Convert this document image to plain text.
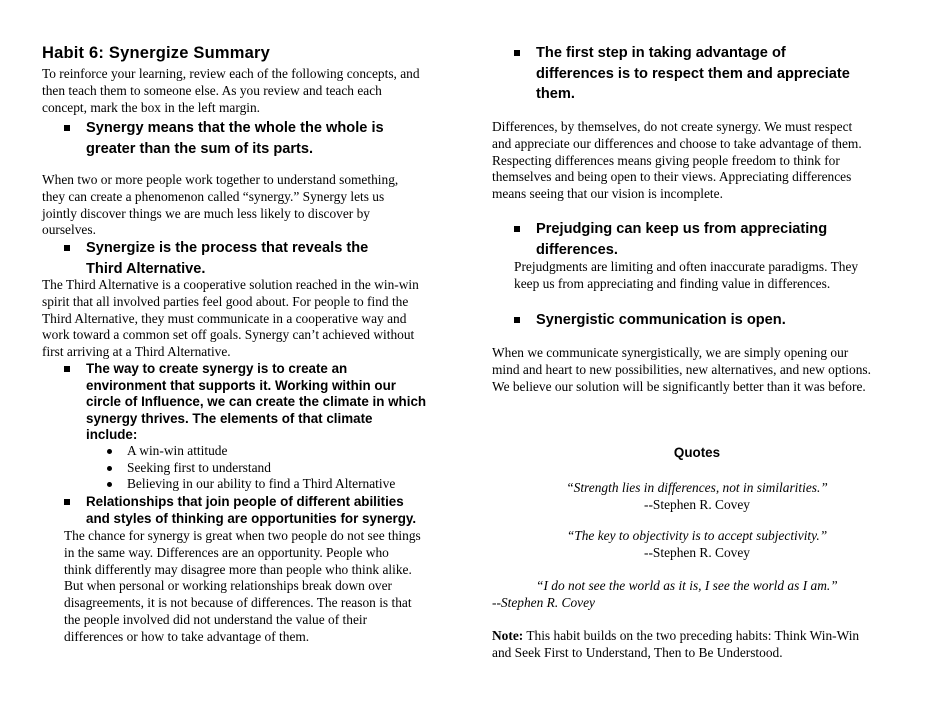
Habit 6: Synergize Summary

To reinforce your learning, review each of the following concepts, and

then teach them to someone else. As you review and teach each

concept, mark the box in the left margin.

Synergy means that the whole the whole is
greater than the sum of its parts.

When two or more people work together to understand something,

they can create a phenomenon called “synergy.” Synergy lets us

jointly discover things we are much less likely to discover by

ourselves.

Synergize is the process that reveals the
Third Alternative.

The Third Alternative is a cooperative solution reached in the win-win

spirit that all involved parties feel good about. For people to find the

Third Alternative, they must communicate in a cooperative way and

work toward a common set off goals. Synergy can’t achieved without

first arriving at a Third Alternative.

The way to create synergy is to create an
environment that supports it. Working within our
circle of Influence, we can create the climate in which
synergy thrives. The elements of that climate
include:
A win-win attitude
Seeking first to understand
Believing in our ability to find a Third Alternative
Relationships that join people of different abilities
and styles of thinking are opportunities for synergy.

The chance for synergy is great when two people do not see things

in the same way. Differences are an opportunity. People who

think differently may disagree more than people who think alike.

But when personal or working relationships break down over

disagreements, it is not because of differences. The reason is that

the people involved did not understand the value of their

differences or how to take advantage of them.

The first step in taking advantage of
differences is to respect them and appreciate
them.

Differences, by themselves, do not create synergy. We must respect

and appreciate our differences and choose to take advantage of them.

Respecting differences means giving people freedom to think for

themselves and being open to their views. Appreciating differences

means seeing that our vision is incomplete.

Prejudging can keep us from appreciating
differences.

Prejudgments are limiting and often inaccurate paradigms. They

keep us from appreciating and finding value in differences.

Synergistic communication is open.

When we communicate synergistically, we are simply opening our

mind and heart to new possibilities, new alternatives, and new options.

We believe our solution will be significantly better than it was before.

Quotes

“Strength lies in differences, not in similarities.”

--Stephen R. Covey

“The key to objectivity is to accept subjectivity.”

--Stephen R. Covey

“I do not see the world as it is, I see the world as I am.”

--Stephen R. Covey

Note: This habit builds on the two preceding habits: Think Win-Win

and Seek First to Understand, Then to Be Understood.
